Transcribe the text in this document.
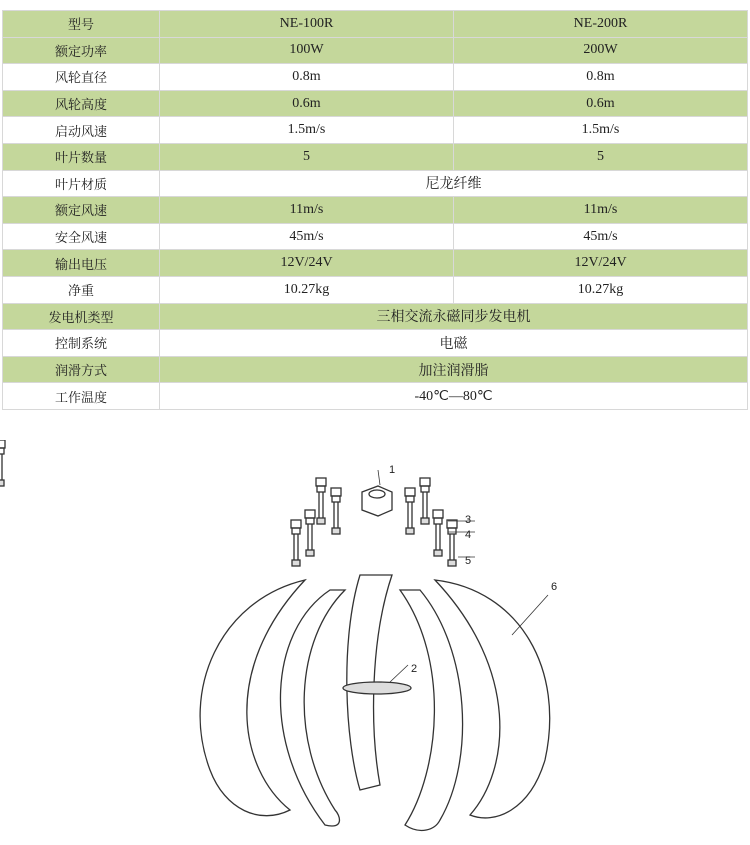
型号	NE-100R	NE-200R
额定功率	100W	200W
风轮直径	0.8m	0.8m
风轮高度	0.6m	0.6m
启动风速	1.5m/s	1.5m/s
叶片数量	5	5
叶片材质	尼龙纤维	
额定风速	11m/s	11m/s
安全风速	45m/s	45m/s
输出电压	12V/24V	12V/24V
净重	10.27kg	10.27kg
发电机类型	三相交流永磁同步发电机	
控制系统	电磁	
润滑方式	加注润滑脂	
工作温度	-40℃—80℃	
1
2
3
4
5
6
